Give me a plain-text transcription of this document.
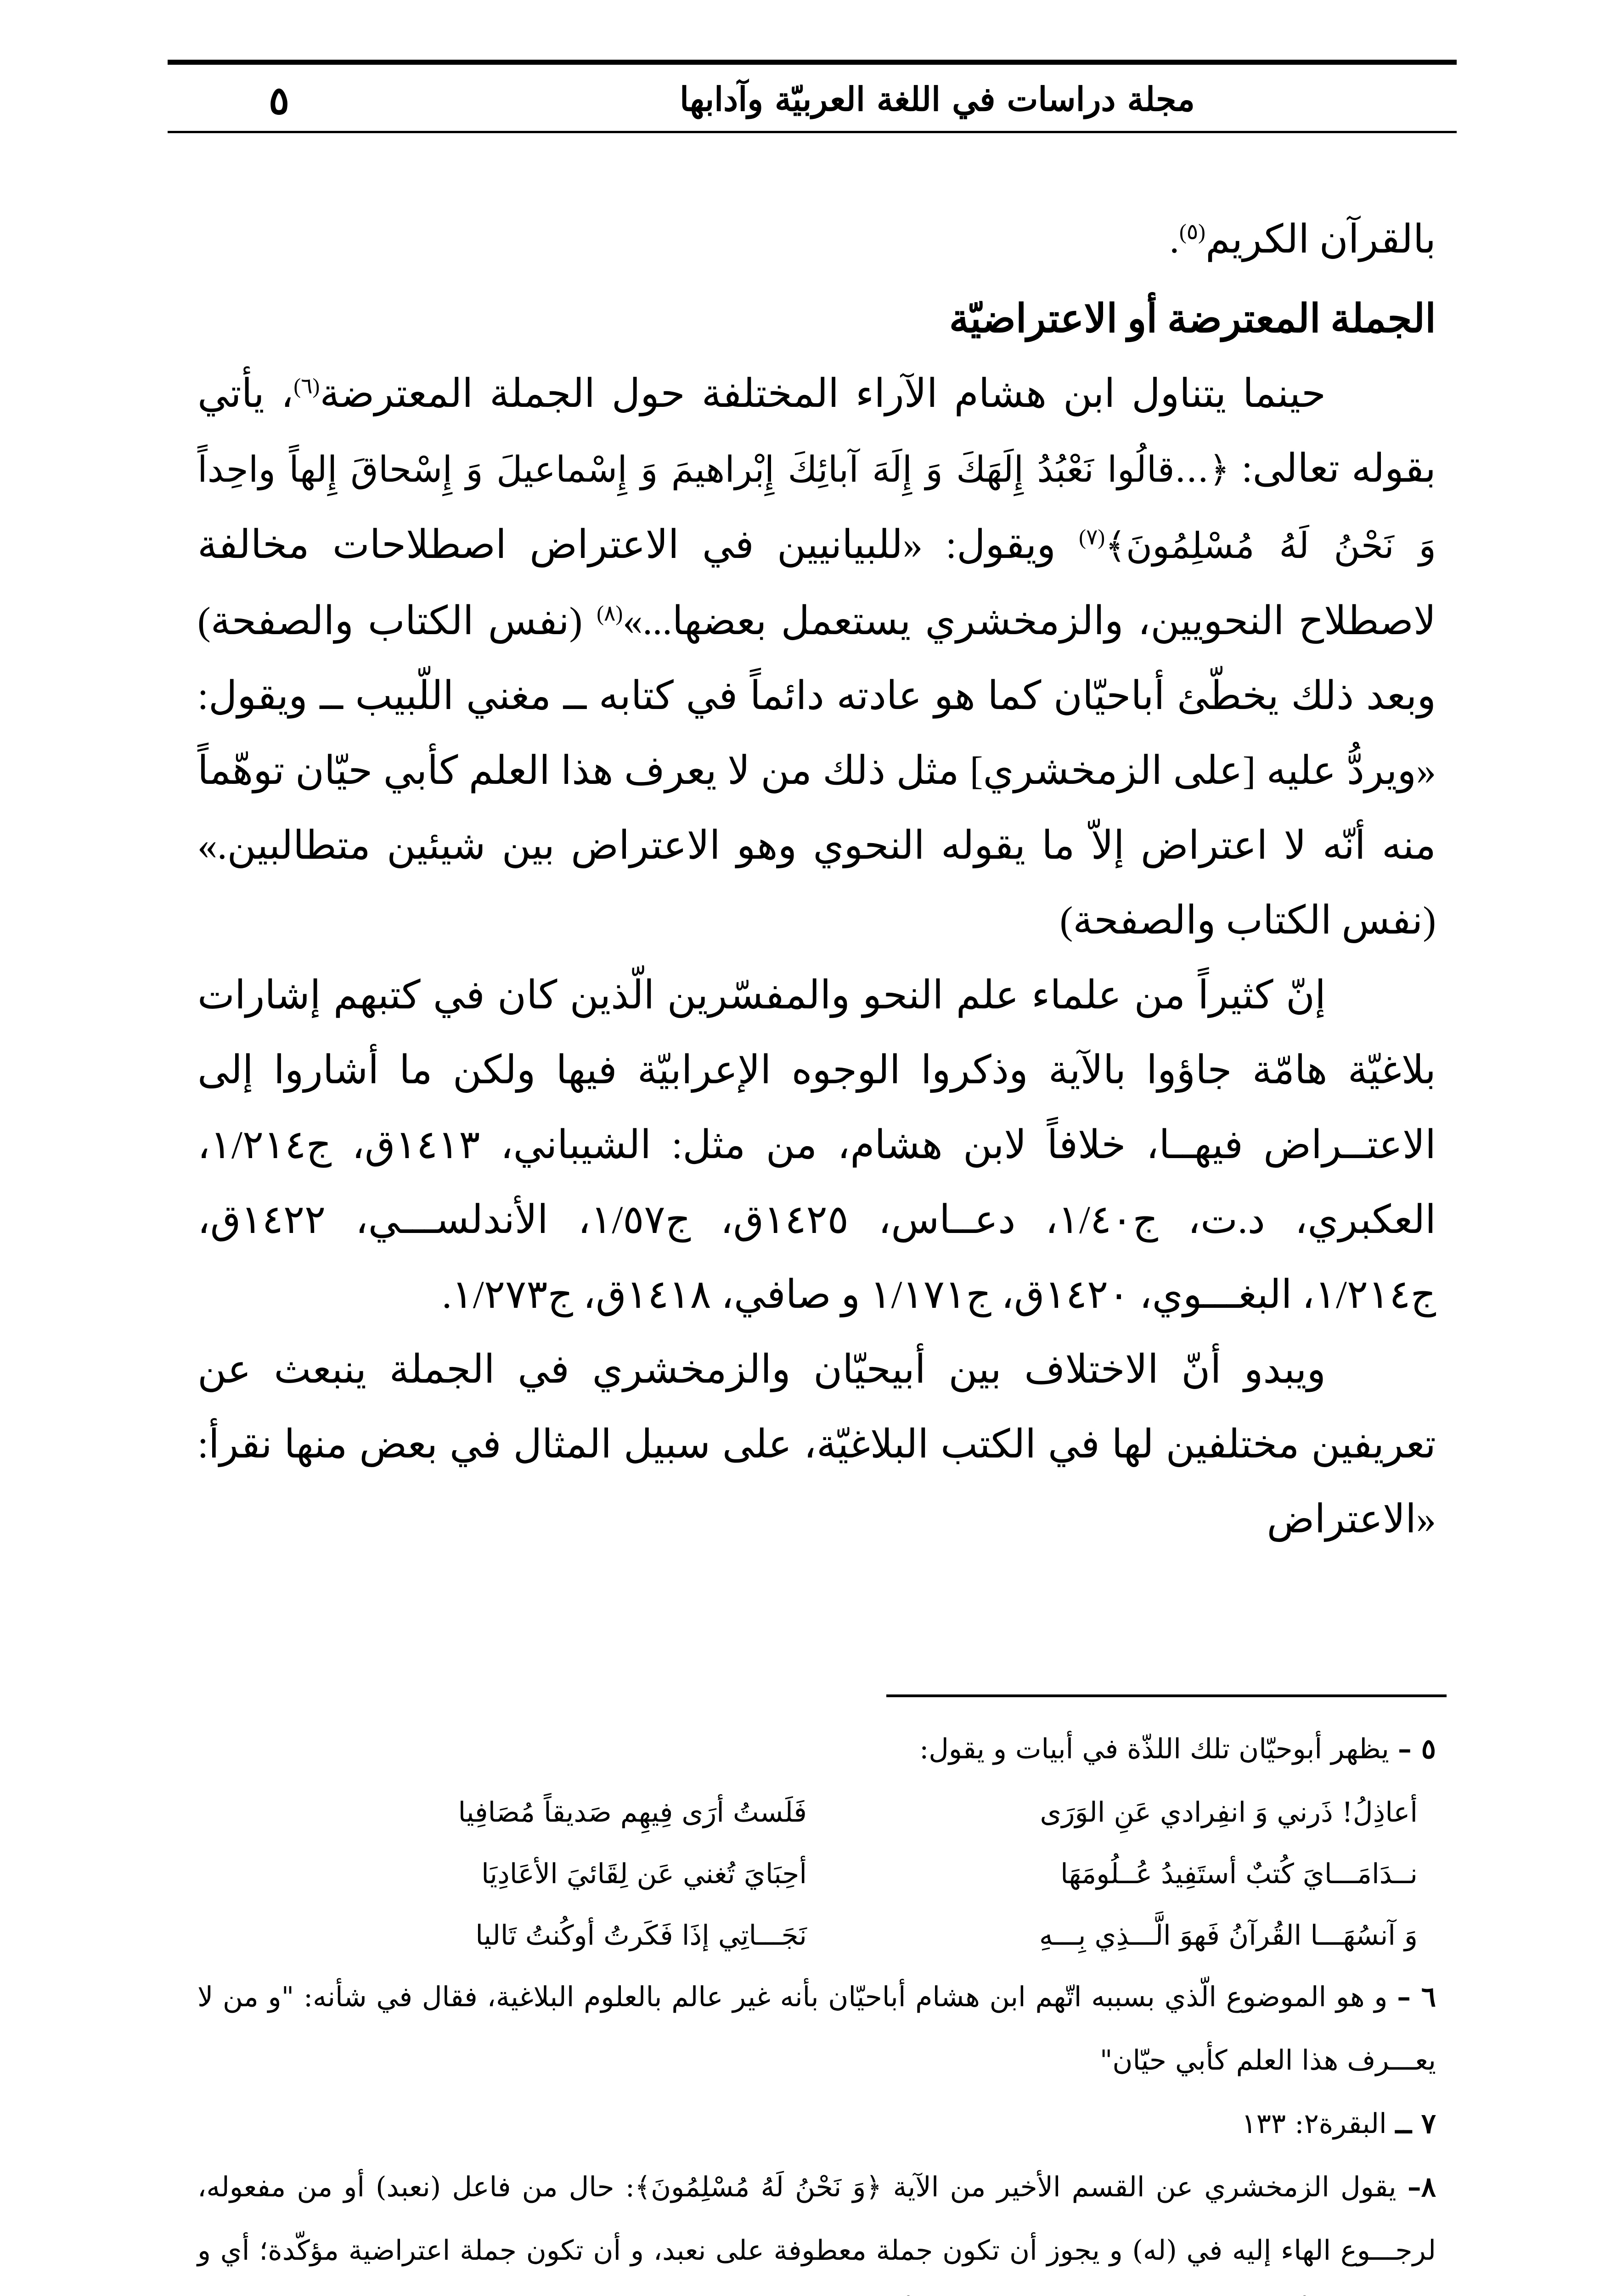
مجلة دراسات في اللغة العربيّة وآدابها
٥

بالقرآن الكريم$^{(٥)}$.

الجملة المعترضة أو الاعتراضيّة

حينما يتناول ابن هشام الآراء المختلفة حول الجملة المعترضة$^{(٦)}$، يأتي بقوله تعالى: ﴿...قالُوا نَعْبُدُ إِلَهَكَ وَ إِلَهَ آبائِكَ إِبْراهيمَ وَ إِسْماعيلَ وَ إِسْحاقَ إِلهاً واحِداً وَ نَحْنُ لَهُ مُسْلِمُونَ﴾$^{(٧)}$ ويقول: «للبيانيين في الاعتراض اصطلاحات مخالفة لاصطلاح النحويين، والزمخشري يستعمل بعضها...»$^{(٨)}$ (نفس الكتاب والصفحة) وبعد ذلك يخطّئ أباحيّان كما هو عادته دائماً في كتابه ــ مغني اللّبيب ــ ويقول: «ويردُّ عليه [على الزمخشري] مثل ذلك من لا يعرف هذا العلم كأبي حيّان توهّماً منه أنّه لا اعتراض إلاّ ما يقوله النحوي وهو الاعتراض بين شيئين متطالبين.» (نفس الكتاب والصفحة)

إنّ كثيراً من علماء علم النحو والمفسّرين الّذين كان في كتبهم إشارات بلاغيّة هامّة جاؤوا بالآية وذكروا الوجوه الإعرابيّة فيها ولكن ما أشاروا إلى الاعتــراض فيهــا، خلافاً لابن هشام، من مثل: الشيباني، ١٤١٣ق، ج١/٢١٤، العكبري، د.ت، ج١/٤٠، دعــاس، ١٤٢٥ق، ج١/٥٧، الأندلســـي، ١٤٢٢ق، ج١/٢١٤، البغـــوي، ١٤٢٠ق، ج١/١٧١ و صافي، ١٤١٨ق، ج١/٢٧٣.

ويبدو أنّ الاختلاف بين أبيحيّان والزمخشري في الجملة ينبعث عن تعريفين مختلفين لها في الكتب البلاغيّة، على سبيل المثال في بعض منها نقرأ: «الاعتراض

٥ – يظهر أبوحيّان تلك اللذّة في أبيات و يقول:

أعاذِلُ! ذَرني وَ انفِرادي عَنِ الوَرَى
فَلَستُ أرَى فِيهِم صَديقاً مُصَافِيا
نــدَامَـــايَ كُتبٌ أستَفِيدُ عُــلُومَهَا
أحِبَايَ تُغني عَن لِقَائيَ الأعَادِيَا
وَ آنسُهَـــا القُرآنُ فَهوَ الَّـــذِي بِـــهِ
نَجَـــاتِي إذَا فَكَرتُ أوكُنتُ تَاليا

٦ – و هو الموضوع الّذي بسببه اتّهم ابن هشام أباحيّان بأنه غير عالم بالعلوم البلاغية، فقال في شأنه: "و من لا يعـــرف هذا العلم كأبي حيّان"

٧ ــ البقرة٢: ١٣٣

٨– يقول الزمخشري عن القسم الأخير من الآية ﴿وَ نَحْنُ لَهُ مُسْلِمُونَ﴾: حال من فاعل (نعبد) أو من مفعوله، لرجـــوع الهاء إليه في (له) و يجوز أن تكون جملة معطوفة على نعبد، و أن تكون جملة اعتراضية مؤكّدة؛ أي و
